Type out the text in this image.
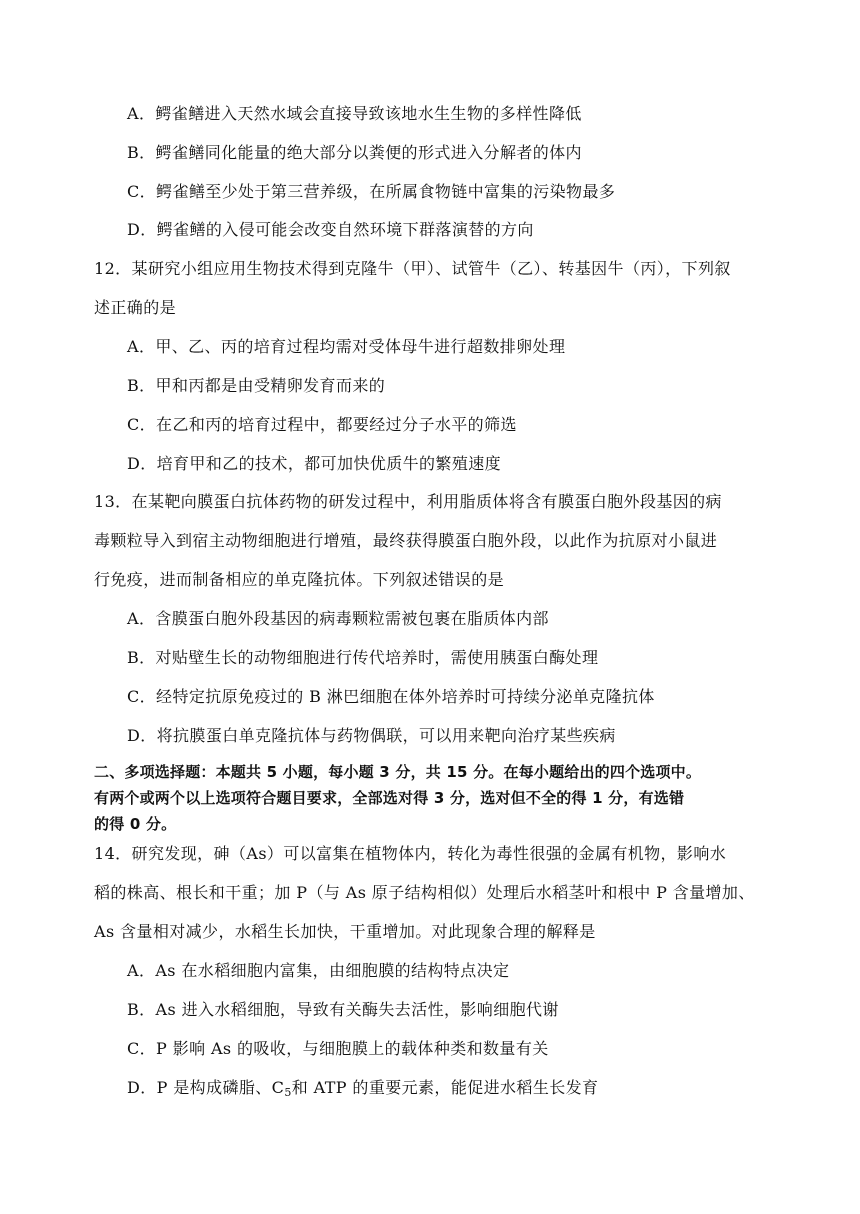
A．鳄雀鳝进入天然水域会直接导致该地水生生物的多样性降低
B．鳄雀鳝同化能量的绝大部分以粪便的形式进入分解者的体内
C．鳄雀鳝至少处于第三营养级，在所属食物链中富集的污染物最多
D．鳄雀鳝的入侵可能会改变自然环境下群落演替的方向
12．某研究小组应用生物技术得到克隆牛（甲）、试管牛（乙）、转基因牛（丙），下列叙
述正确的是
A．甲、乙、丙的培育过程均需对受体母牛进行超数排卵处理
B．甲和丙都是由受精卵发育而来的
C．在乙和丙的培育过程中，都要经过分子水平的筛选
D．培育甲和乙的技术，都可加快优质牛的繁殖速度
13．在某靶向膜蛋白抗体药物的研发过程中，利用脂质体将含有膜蛋白胞外段基因的病
毒颗粒导入到宿主动物细胞进行增殖，最终获得膜蛋白胞外段，以此作为抗原对小鼠进
行免疫，进而制备相应的单克隆抗体。下列叙述错误的是
A．含膜蛋白胞外段基因的病毒颗粒需被包裹在脂质体内部
B．对贴壁生长的动物细胞进行传代培养时，需使用胰蛋白酶处理
C．经特定抗原免疫过的 B 淋巴细胞在体外培养时可持续分泌单克隆抗体
D．将抗膜蛋白单克隆抗体与药物偶联，可以用来靶向治疗某些疾病
二、多项选择题：本题共 5 小题，每小题 3 分，共 15 分。在每小题给出的四个选项中。
有两个或两个以上选项符合题目要求，全部选对得 3 分，选对但不全的得 1 分，有选错
的得 0 分。
14．研究发现，砷（As）可以富集在植物体内，转化为毒性很强的金属有机物，影响水
稻的株高、根长和干重；加 P（与 As 原子结构相似）处理后水稻茎叶和根中 P 含量增加、
As 含量相对减少，水稻生长加快，干重增加。对此现象合理的解释是
A．As 在水稻细胞内富集，由细胞膜的结构特点决定
B．As 进入水稻细胞，导致有关酶失去活性，影响细胞代谢
C．P 影响 As 的吸收，与细胞膜上的载体种类和数量有关
D．P 是构成磷脂、$C_5$和 ATP 的重要元素，能促进水稻生长发育
